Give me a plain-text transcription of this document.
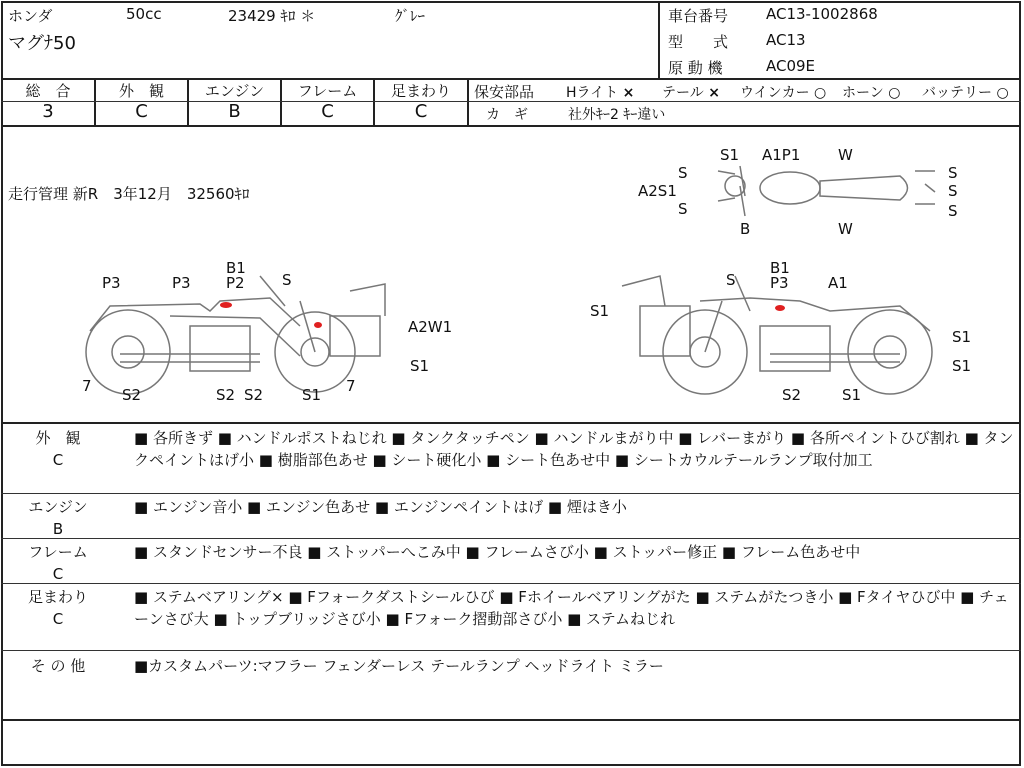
ホンダ	50cc	23429 ｷﾛ ＊	ｸﾞﾚｰ
マグﾅ50
車台番号	AC13-1002868
型　　式	AC13
原 動 機	AC09E
総　合
3
外　観
C
エンジン
B
フレーム
C
足まわり
C
保安部品 Hライト × テール × ウインカー ○ ホーン ○ バッテリー ○
カ　ギ	社外ｷｰ2 ｷｰ違い
走行管理 新R　3年12月　32560ｷﾛ
S1 A1P1	W
S	S
A2S1
S
S
S
B	W
B1
P3	P3 P2 S
A2W1
S1
7 S2	S2 S2	S1 7
S
B1
P3	A1
S1
S1
S1
S2	S1
外　観
C
■ 各所きず ■ ハンドルポストねじれ ■ タンクタッチペン ■ ハンドルまがり中 ■ レバーまがり ■ 各所ペイントひび割れ ■ タンクペイントはげ小 ■ 樹脂部色あせ ■ シート硬化小 ■ シート色あせ中 ■ シートカウルテールランプ取付加工
エンジン
B
■ エンジン音小 ■ エンジン色あせ ■ エンジンペイントはげ ■ 煙はき小
フレーム
C
■ スタンドセンサー不良 ■ ストッパーへこみ中 ■ フレームさび小 ■ ストッパー修正 ■ フレーム色あせ中
足まわり
C
■ ステムベアリング× ■ Fフォークダストシールひび ■ Fホイールベアリングがた ■ ステムがたつき小 ■ Fタイヤひび中 ■ チェーンさび大 ■ トップブリッジさび小 ■ Fフォーク摺動部さび小 ■ ステムねじれ
そ の 他	■カスタムパーツ:マフラー フェンダーレス テールランプ ヘッドライト ミラー
